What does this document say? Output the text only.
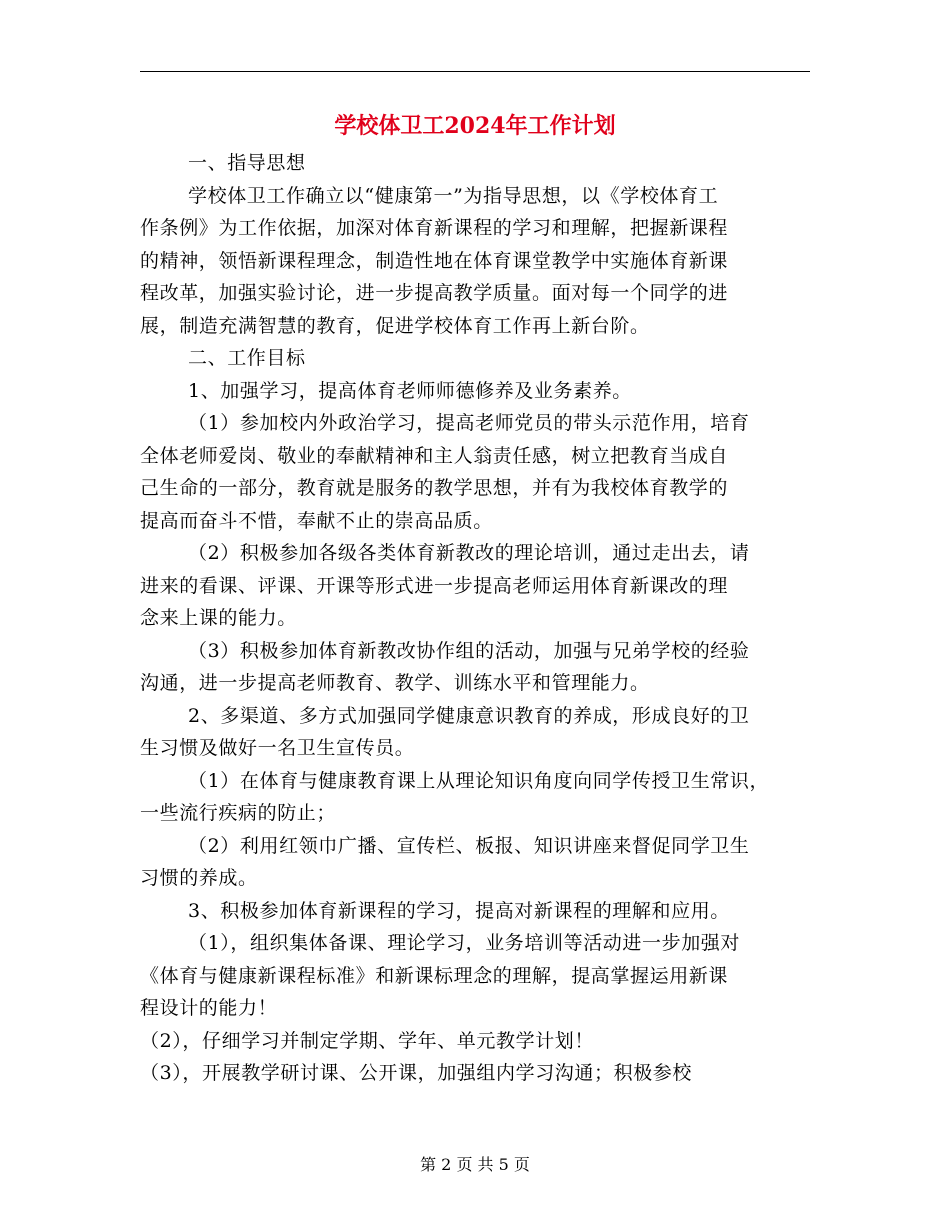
学校体卫工2024年工作计划
一、指导思想
学校体卫工作确立以“健康第一”为指导思想，以《学校体育工
作条例》为工作依据，加深对体育新课程的学习和理解，把握新课程
的精神，领悟新课程理念，制造性地在体育课堂教学中实施体育新课
程改革，加强实验讨论，进一步提高教学质量。面对每一个同学的进
展，制造充满智慧的教育，促进学校体育工作再上新台阶。
二、工作目标
1、加强学习，提高体育老师师德修养及业务素养。
（1）参加校内外政治学习，提高老师党员的带头示范作用，培育
全体老师爱岗、敬业的奉献精神和主人翁责任感，树立把教育当成自
己生命的一部分，教育就是服务的教学思想，并有为我校体育教学的
提高而奋斗不惜，奉献不止的崇高品质。
（2）积极参加各级各类体育新教改的理论培训，通过走出去，请
进来的看课、评课、开课等形式进一步提高老师运用体育新课改的理
念来上课的能力。
（3）积极参加体育新教改协作组的活动，加强与兄弟学校的经验
沟通，进一步提高老师教育、教学、训练水平和管理能力。
2、多渠道、多方式加强同学健康意识教育的养成，形成良好的卫
生习惯及做好一名卫生宣传员。
（1）在体育与健康教育课上从理论知识角度向同学传授卫生常识，
一些流行疾病的防止；
（2）利用红领巾广播、宣传栏、板报、知识讲座来督促同学卫生
习惯的养成。
3、积极参加体育新课程的学习，提高对新课程的理解和应用。
（1），组织集体备课、理论学习，业务培训等活动进一步加强对
《体育与健康新课程标准》和新课标理念的理解，提高掌握运用新课
程设计的能力！
（2），仔细学习并制定学期、学年、单元教学计划！
（3），开展教学研讨课、公开课，加强组内学习沟通；积极参校
第 2 页 共 5 页
